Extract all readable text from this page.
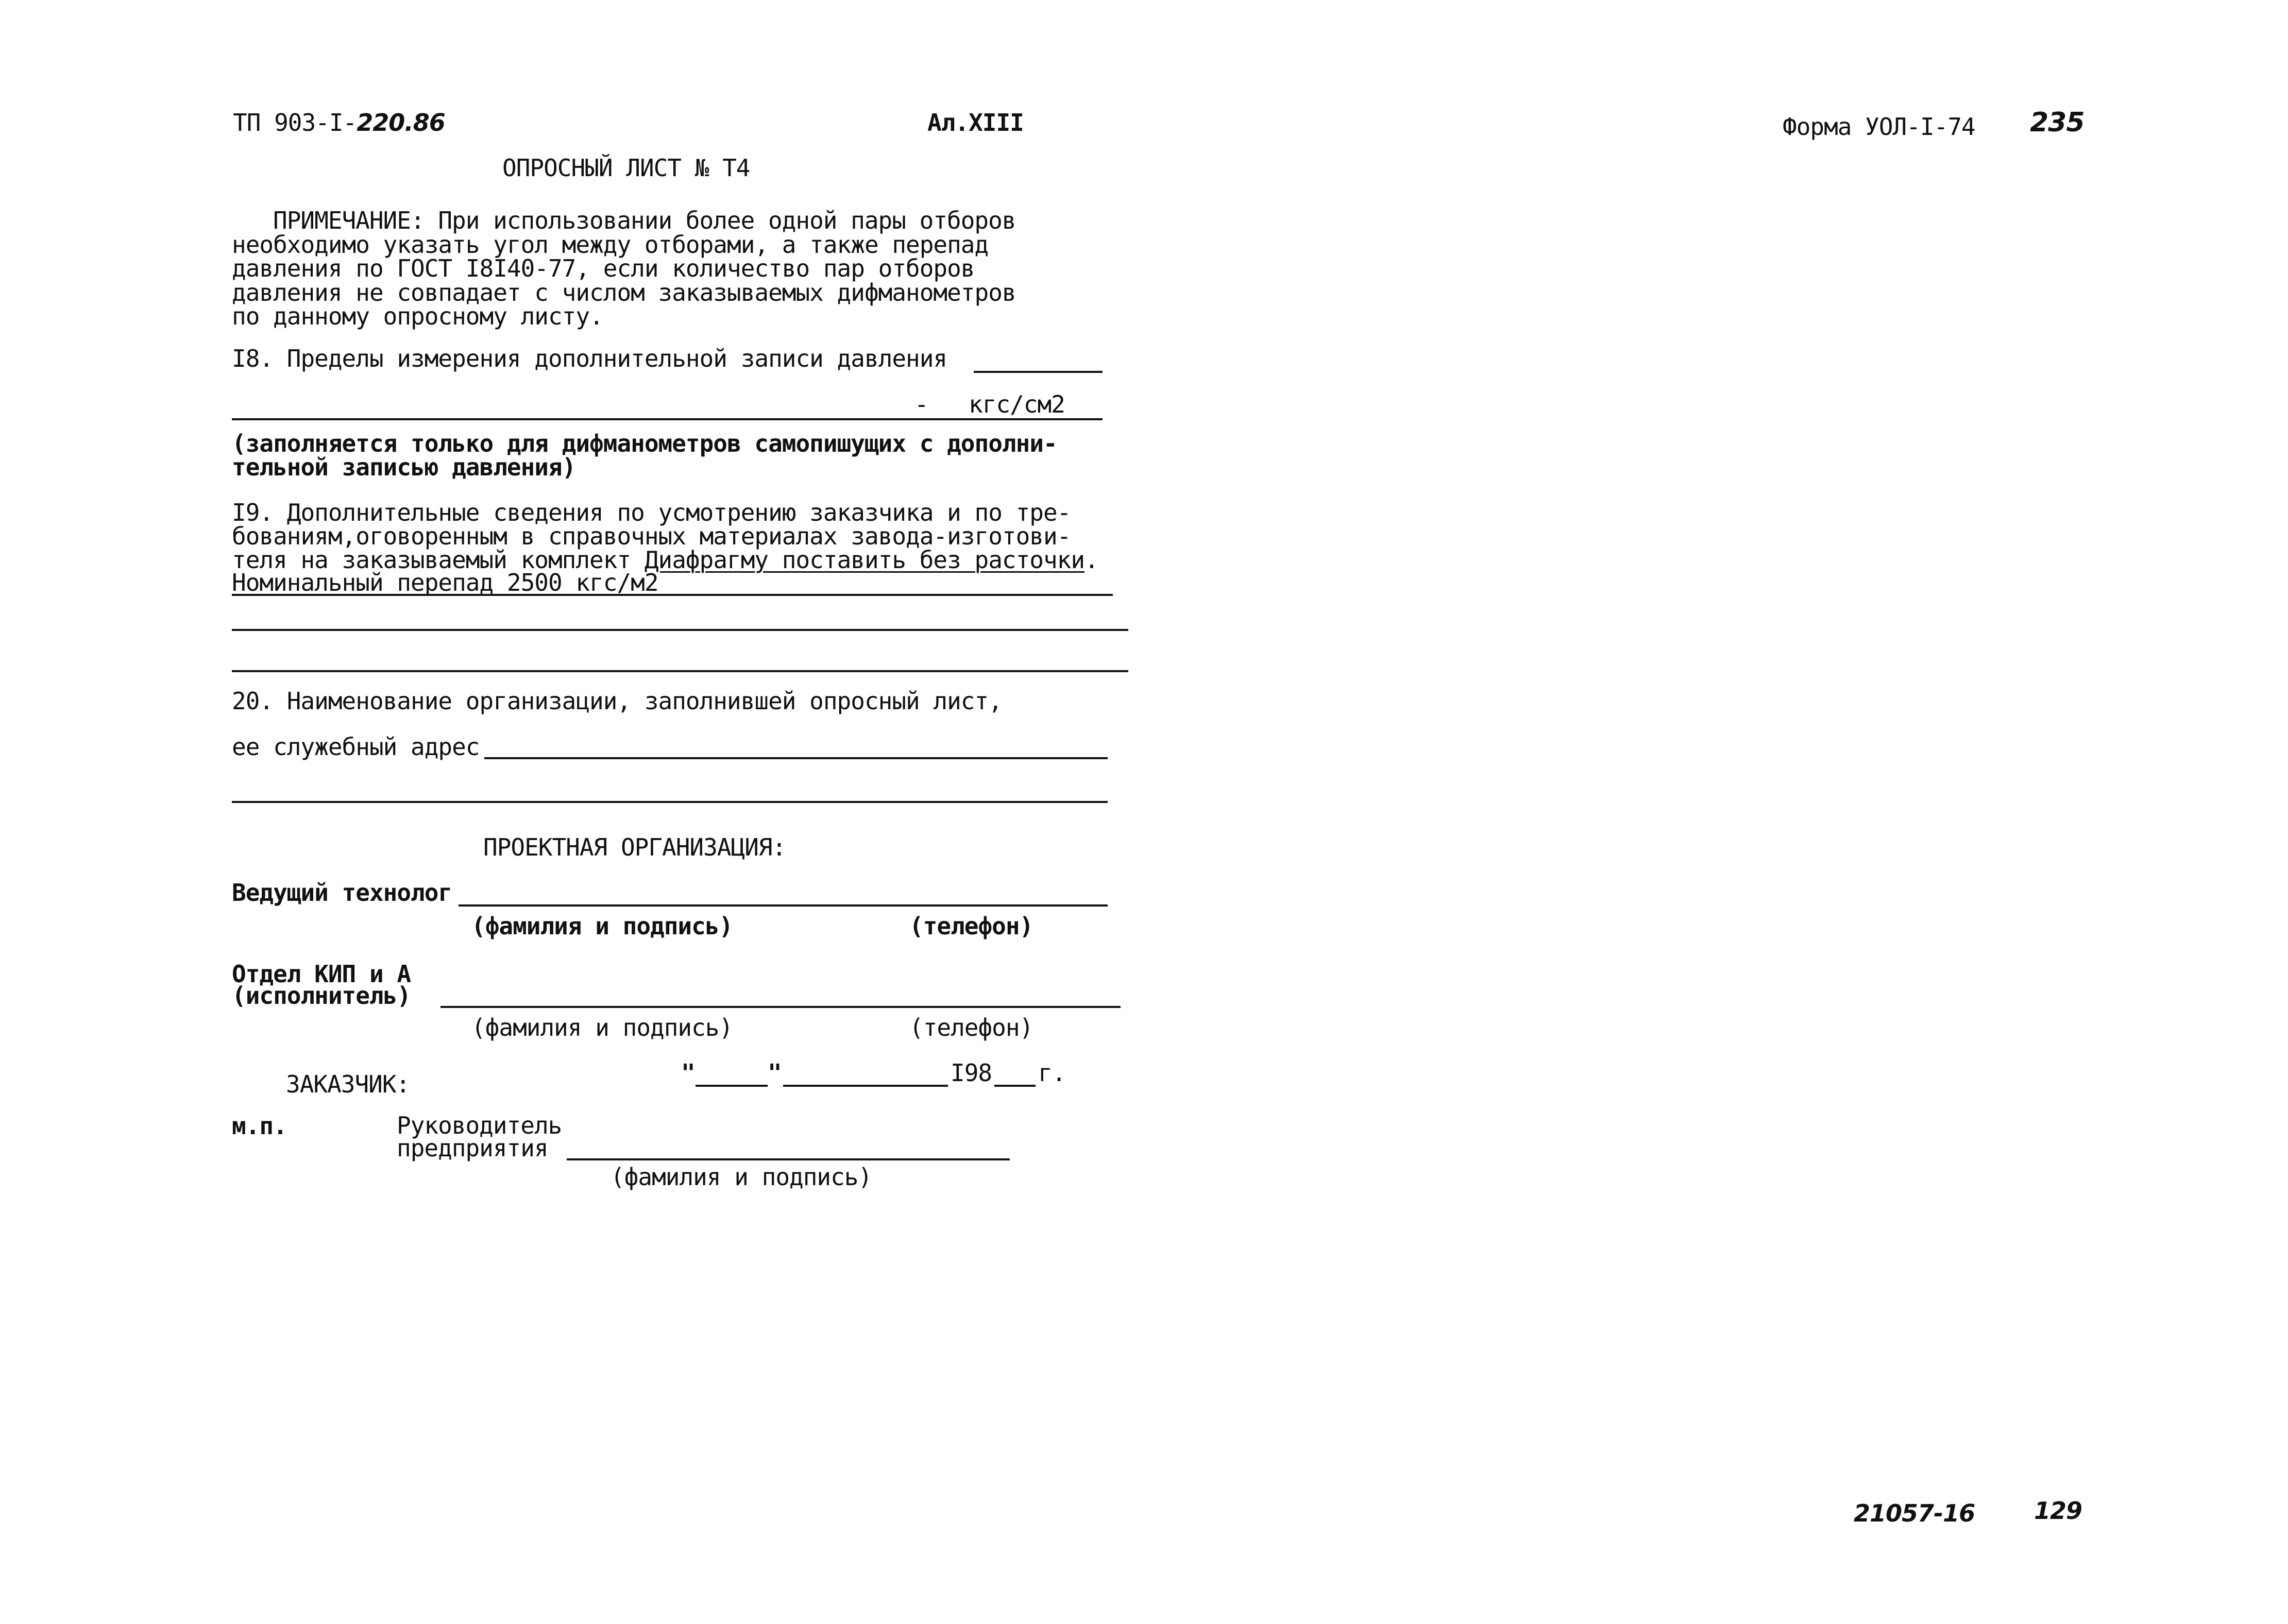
ТП 903-I-220.86	Ал.XIII	Форма УОЛ-I-74 235
ОПРОСНЫЙ ЛИСТ № Т4
ПРИМЕЧАНИЕ: При использовании более одной пары отборов
необходимо указать угол между отборами, а также перепад
давления по ГОСТ I8I40-77, если количество пар отборов
давления не совпадает с числом заказываемых дифманометров
по данному опросному листу.
I8. Пределы измерения дополнительной записи давления
- кгс/см2
(заполняется только для дифманометров самопишущих с дополни-
тельной записью давления)
I9. Дополнительные сведения по усмотрению заказчика и по тре-
бованиям,оговоренным в справочных материалах завода-изготови-
теля на заказываемый комплект Диафрагму поставить без расточки.
Номинальный перепад 2500 кгс/м2
20. Наименование организации, заполнившей опросный лист,
ее служебный адрес
ПРОЕКТНАЯ ОРГАНИЗАЦИЯ:
Ведущий технолог
(фамилия и подпись)	(телефон)
Отдел КИП и А
(исполнитель)
(фамилия и подпись)	(телефон)
ЗАКАЗЧИК:	"	"	I98 г.
м.п.	Руководитель
предприятия
(фамилия и подпись)
21057-16 129
